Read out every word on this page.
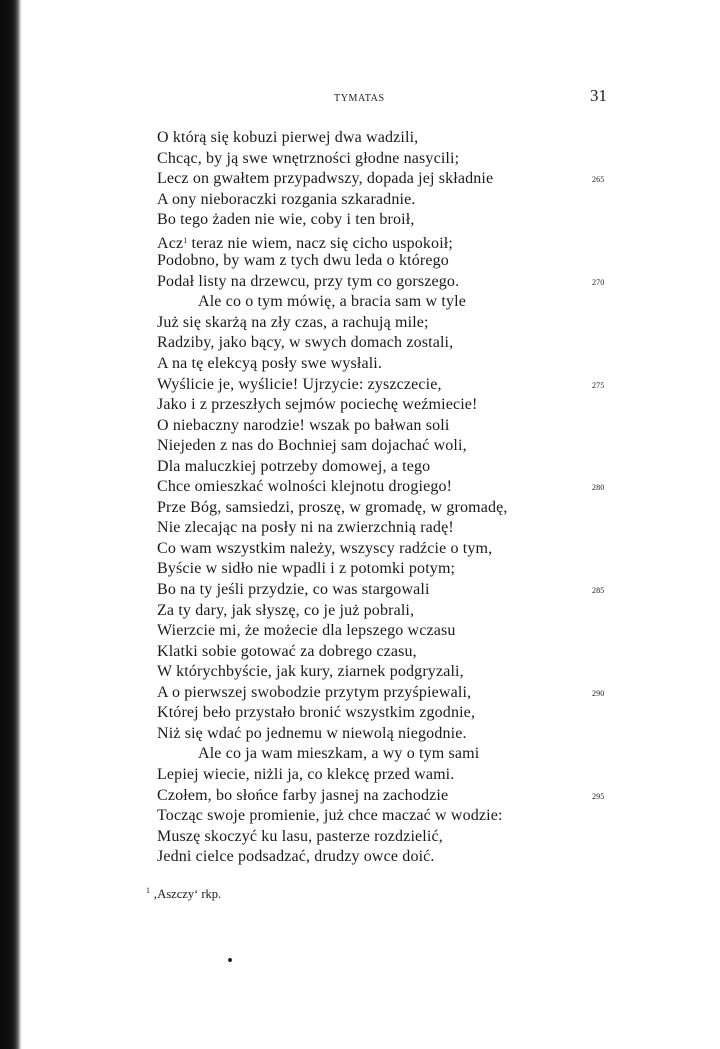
TYMATAS	31
O którą się kobuzi pierwej dwa wadzili,
Chcąc, by ją swe wnętrzności głodne nasycili;
Lecz on gwałtem przypadwszy, dopada jej składnie	265
A ony nieboraczki rozgania szkaradnie.
Bo tego żaden nie wie, coby i ten broił,
Acz$^1$ teraz nie wiem, nacz się cicho uspokoił;
Podobno, by wam z tych dwu leda o którego
Podał listy na drzewcu, przy tym co gorszego.	270
Ale co o tym mówię, a bracia sam w tyle
Już się skarżą na zły czas, a rachują mile;
Radziby, jako bący, w swych domach zostali,
A na tę elekcyą posły swe wysłali.
Wyślicie je, wyślicie! Ujrzycie: zyszczecie,	275
Jako i z przeszłych sejmów pociechę weźmiecie!
O niebaczny narodzie! wszak po bałwan soli
Niejeden z nas do Bochniej sam dojachać woli,
Dla maluczkiej potrzeby domowej, a tego
Chce omieszkać wolności klejnotu drogiego!	280
Prze Bóg, samsiedzi, proszę, w gromadę, w gromadę,
Nie zlecając na posły ni na zwierzchnią radę!
Co wam wszystkim należy, wszyscy radźcie o tym,
Byście w sidło nie wpadli i z potomki potym;
Bo na ty jeśli przydzie, co was stargowali	285
Za ty dary, jak słyszę, co je już pobrali,
Wierzcie mi, że możecie dla lepszego wczasu
Klatki sobie gotować za dobrego czasu,
W którychbyście, jak kury, ziarnek podgryzali,
A o pierwszej swobodzie przytym przyśpiewali,	290
Której beło przystało bronić wszystkim zgodnie,
Niż się wdać po jednemu w niewolą niegodnie.
Ale co ja wam mieszkam, a wy o tym sami
Lepiej wiecie, niżli ja, co klekcę przed wami.
Czołem, bo słońce farby jasnej na zachodzie	295
Tocząc swoje promienie, już chce maczać w wodzie:
Muszę skoczyć ku lasu, pasterze rozdzielić,
Jedni cielce podsadzać, drudzy owce doić.
$^1$ ‚Aszczy‘ rkp.
